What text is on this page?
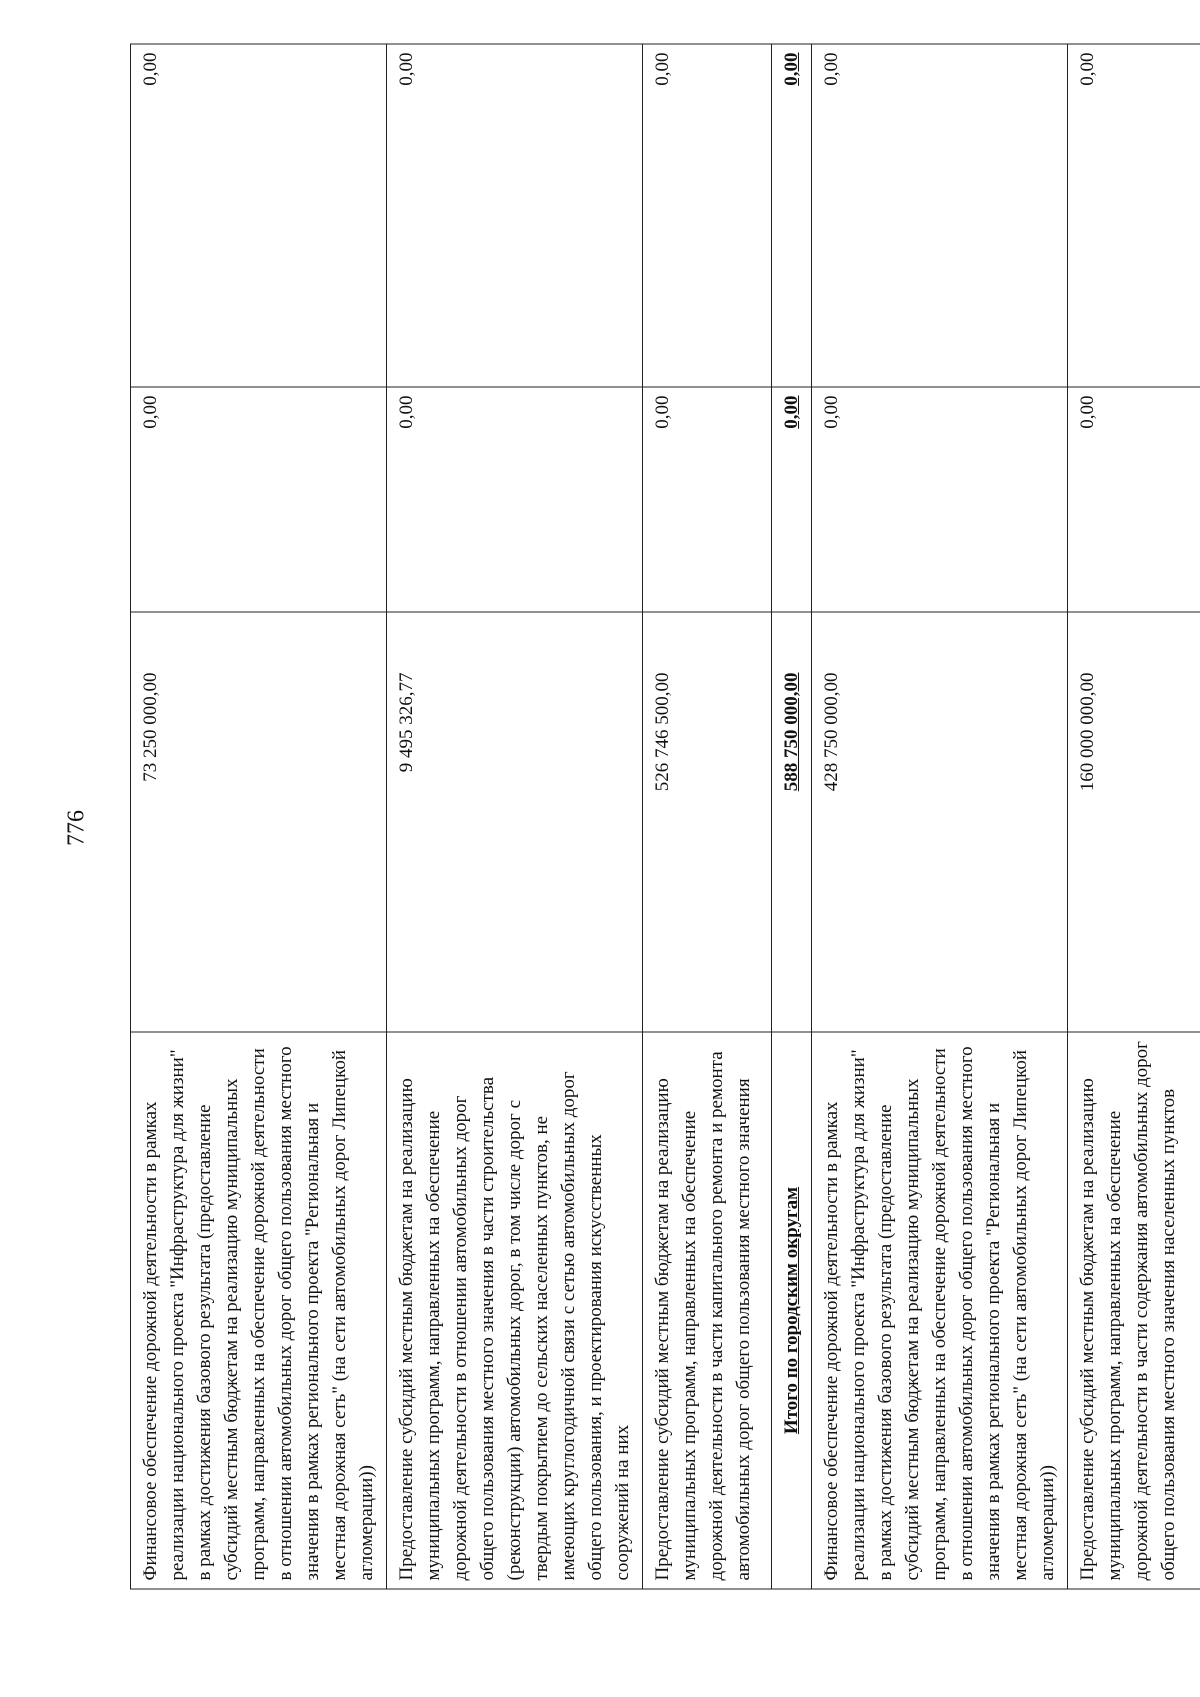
776
Финансовое обеспечение дорожной деятельности в рамках реализации национального проекта "Инфраструктура для жизни" в рамках достижения базового результата (предоставление субсидий местным бюджетам на реализацию муниципальных программ, направленных на обеспечение дорожной деятельности в отношении автомобильных дорог общего пользования местного значения в рамках регионального проекта "Региональная и местная дорожная сеть" (на сети автомобильных дорог Липецкой агломерации))	73 250 000,00	0,00	0,00
Предоставление субсидий местным бюджетам на реализацию муниципальных программ, направленных на обеспечение дорожной деятельности в отношении автомобильных дорог общего пользования местного значения в части строительства (реконструкции) автомобильных дорог, в том числе дорог с твердым покрытием до сельских населенных пунктов, не имеющих круглогодичной связи с сетью автомобильных дорог общего пользования, и проектирования искусственных сооружений на них	9 495 326,77	0,00	0,00
Предоставление субсидий местным бюджетам на реализацию муниципальных программ, направленных на обеспечение дорожной деятельности в части капитального ремонта и ремонта автомобильных дорог общего пользования местного значения	526 746 500,00	0,00	0,00
Итого по городским округам	588 750 000,00	0,00	0,00
Финансовое обеспечение дорожной деятельности в рамках реализации национального проекта "Инфраструктура для жизни" в рамках достижения базового результата (предоставление субсидий местным бюджетам на реализацию муниципальных программ, направленных на обеспечение дорожной деятельности в отношении автомобильных дорог общего пользования местного значения в рамках регионального проекта "Региональная и местная дорожная сеть" (на сети автомобильных дорог Липецкой агломерации))	428 750 000,00	0,00	0,00
Предоставление субсидий местным бюджетам на реализацию муниципальных программ, направленных на обеспечение дорожной деятельности в части содержания автомобильных дорог общего пользования местного значения населенных пунктов	160 000 000,00	0,00	0,00
